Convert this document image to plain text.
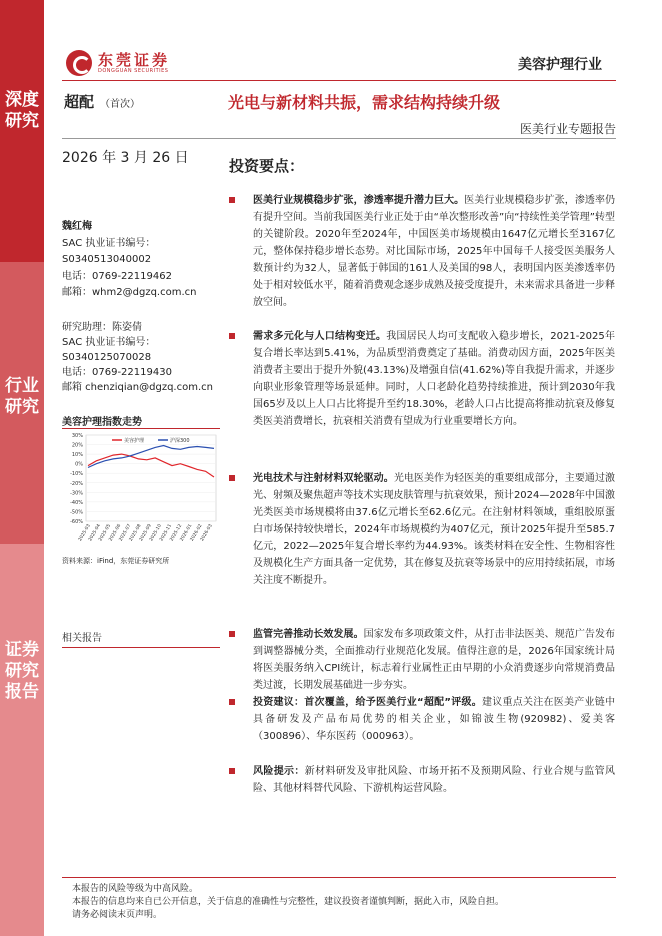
深度研究
行业研究
证券研究报告
东莞证券
DONGGUAN SECURITIES	美容护理行业
超配 （首次）	光电与新材料共振，需求结构持续升级
医美行业专题报告
2026 年 3 月 26 日	投资要点：
魏红梅
SAC 执业证书编号：
S0340513040002
电话：0769-22119462
邮箱：whm2@dgzq.com.cn
研究助理：陈姿倩
SAC 执业证书编号：
S0340125070028
电话：0769-22119430
邮箱 chenziqian@dgzq.com.cn
美容护理指数走势
30%
20%
10%
0%
-10%
-20%
-30%
-40%
-50%
-60%
2025-03
2025-04
2025-05
2025-06
2025-07
2025-08
2025-09
2025-10
2025-11
2025-12
2026-01
2026-02
2026-03
美容护理	沪深300
资料来源：iFind，东莞证券研究所
相关报告
医美行业规模稳步扩张，渗透率提升潜力巨大。医美行业规模稳步扩张，渗透率仍有提升空间。当前我国医美行业正处于由“单次整形改善”向“持续性美学管理”转型的关键阶段。2020年至2024年，中国医美市场规模由1647亿元增长至3167亿元，整体保持稳步增长态势。对比国际市场，2025年中国每千人接受医美服务人数预计约为32人，显著低于韩国的161人及美国的98人，表明国内医美渗透率仍处于相对较低水平，随着消费观念逐步成熟及接受度提升，未来需求具备进一步释放空间。
需求多元化与人口结构变迁。我国居民人均可支配收入稳步增长，2021-2025年复合增长率达到5.41%，为品质型消费奠定了基础。消费动因方面，2025年医美消费者主要出于提升外貌(43.13%)及增强自信(41.62%)等自我提升需求，并逐步向职业形象管理等场景延伸。同时，人口老龄化趋势持续推进，预计到2030年我国65岁及以上人口占比将提升至约18.30%，老龄人口占比提高将推动抗衰及修复类医美消费增长，抗衰相关消费有望成为行业重要增长方向。
光电技术与注射材料双轮驱动。光电医美作为轻医美的重要组成部分，主要通过激光、射频及聚焦超声等技术实现皮肤管理与抗衰效果，预计2024—2028年中国激光类医美市场规模将由37.6亿元增长至62.6亿元。在注射材料领域，重组胶原蛋白市场保持较快增长，2024年市场规模约为407亿元，预计2025年提升至585.7亿元，2022—2025年复合增长率约为44.93%。该类材料在安全性、生物相容性及规模化生产方面具备一定优势，其在修复及抗衰等场景中的应用持续拓展，市场关注度不断提升。
监管完善推动长效发展。国家发布多项政策文件，从打击非法医美、规范广告发布到调整器械分类，全面推动行业规范化发展。值得注意的是，2026年国家统计局将医美服务纳入CPI统计，标志着行业属性正由早期的小众消费逐步向常规消费品类过渡，长期发展基础进一步夯实。
投资建议：首次覆盖，给予医美行业“超配”评级。建议重点关注在医美产业链中具备研发及产品布局优势的相关企业，如锦波生物(920982)、爱美客（300896）、华东医药（000963）。
风险提示：新材料研发及审批风险、市场开拓不及预期风险、行业合规与监管风险、其他材料替代风险、下游机构运营风险。
本报告的风险等级为中高风险。
本报告的信息均来自已公开信息，关于信息的准确性与完整性，建议投资者谨慎判断，据此入市，风险自担。
请务必阅读末页声明。
